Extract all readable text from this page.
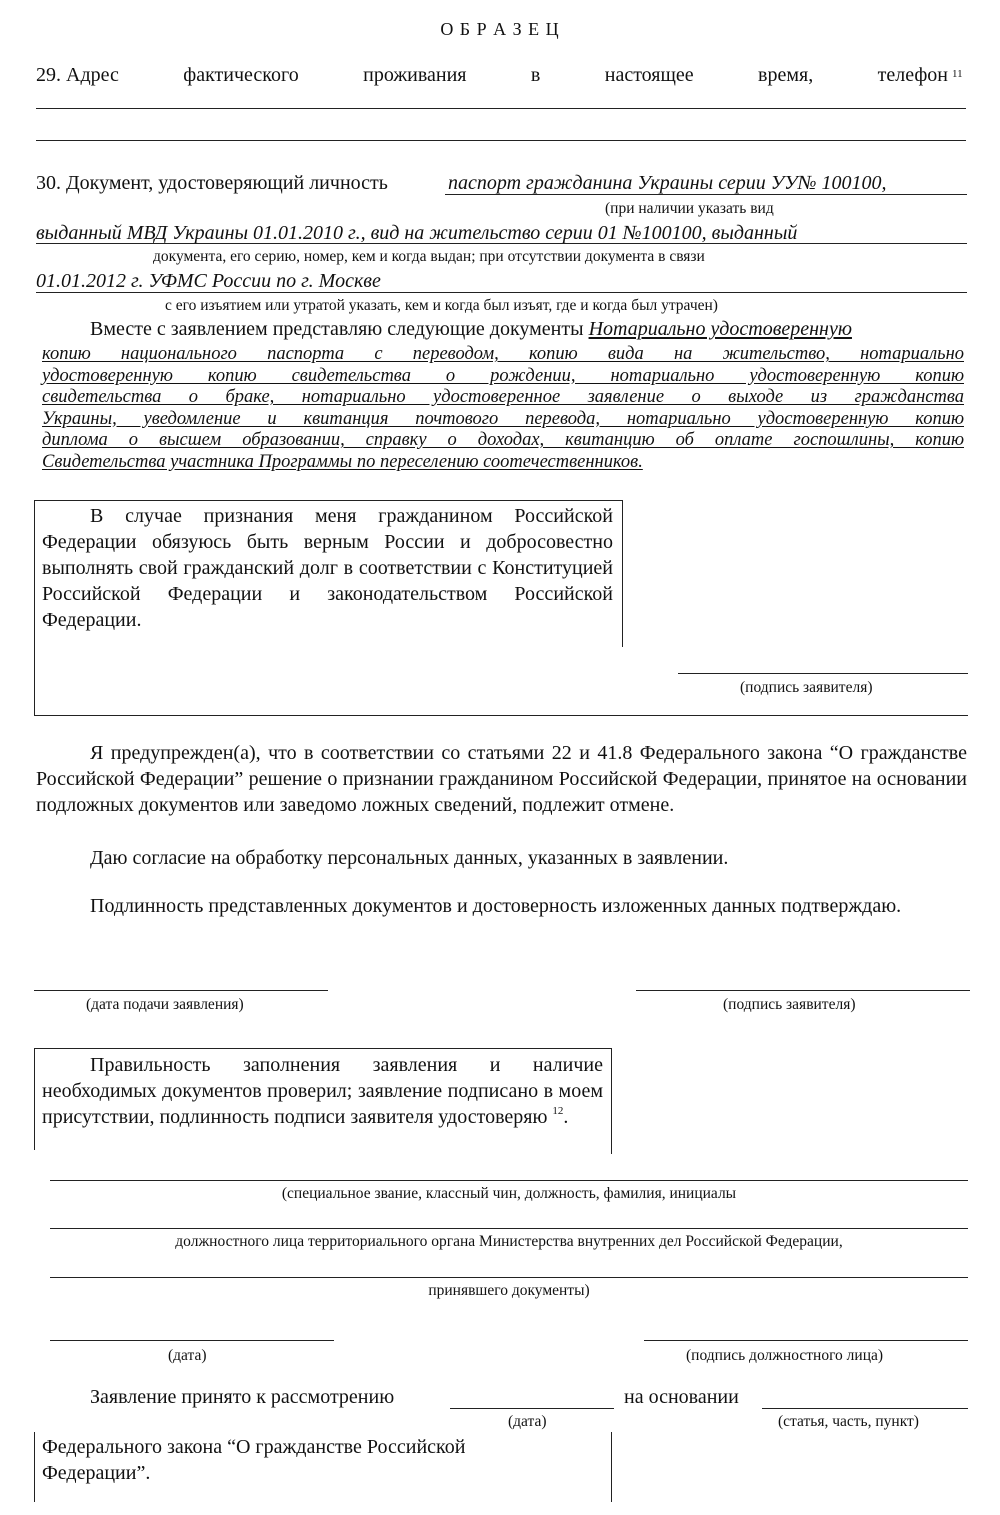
О Б Р А З Е Ц
29. Адрес	фактического	проживания	в	настоящее	время,	телефон 11
30. Документ, удостоверяющий личность	паспорт гражданина Украины серии УУ№ 100100,
(при наличии указать вид
выданный МВД Украины 01.01.2010 г., вид на жительство серии 01 №100100, выданный
документа, его серию, номер, кем и когда выдан; при отсутствии документа в связи
01.01.2012 г. УФМС России по г. Москве
с его изъятием или утратой указать, кем и когда был изъят, где и когда был утрачен)
Вместе с заявлением представляю следующие документы Нотариально удостоверенную
копию национального паспорта с переводом, копию вида на жительство, нотариально
удостоверенную копию свидетельства о рождении, нотариально удостоверенную копию
свидетельства о браке, нотариально удостоверенное заявление о выходе из гражданства
Украины, уведомление и квитанция почтового перевода, нотариально удостоверенную копию
диплома о высшем образовании, справку о доходах, квитанцию об оплате госпошлины, копию
Свидетельства участника Программы по переселению соотечественников.
В случае признания меня гражданином Российской Федерации обязуюсь быть верным России и добросовестно выполнять свой гражданский долг в соответствии с Конституцией Российской Федерации и законодательством Российской Федерации.
(подпись заявителя)
Я предупрежден(а), что в соответствии со статьями 22 и 41.8 Федерального закона “О гражданстве Российской Федерации” решение о признании гражданином Российской Федерации, принятое на основании подложных документов или заведомо ложных сведений, подлежит отмене.
Даю согласие на обработку персональных данных, указанных в заявлении.
Подлинность представленных документов и достоверность изложенных данных подтверждаю.
(дата подачи заявления)	(подпись заявителя)
Правильность заполнения заявления и наличие необходимых документов проверил; заявление подписано в моем присутствии, подлинность подписи заявителя удостоверяю $^{12}$.
(специальное звание, классный чин, должность, фамилия, инициалы
должностного лица территориального органа Министерства внутренних дел Российской Федерации,
принявшего документы)
(дата)	(подпись должностного лица)
Заявление принято к рассмотрению	на основании
(дата)	(статья, часть, пункт)
Федерального закона “О гражданстве Российской Федерации”.
